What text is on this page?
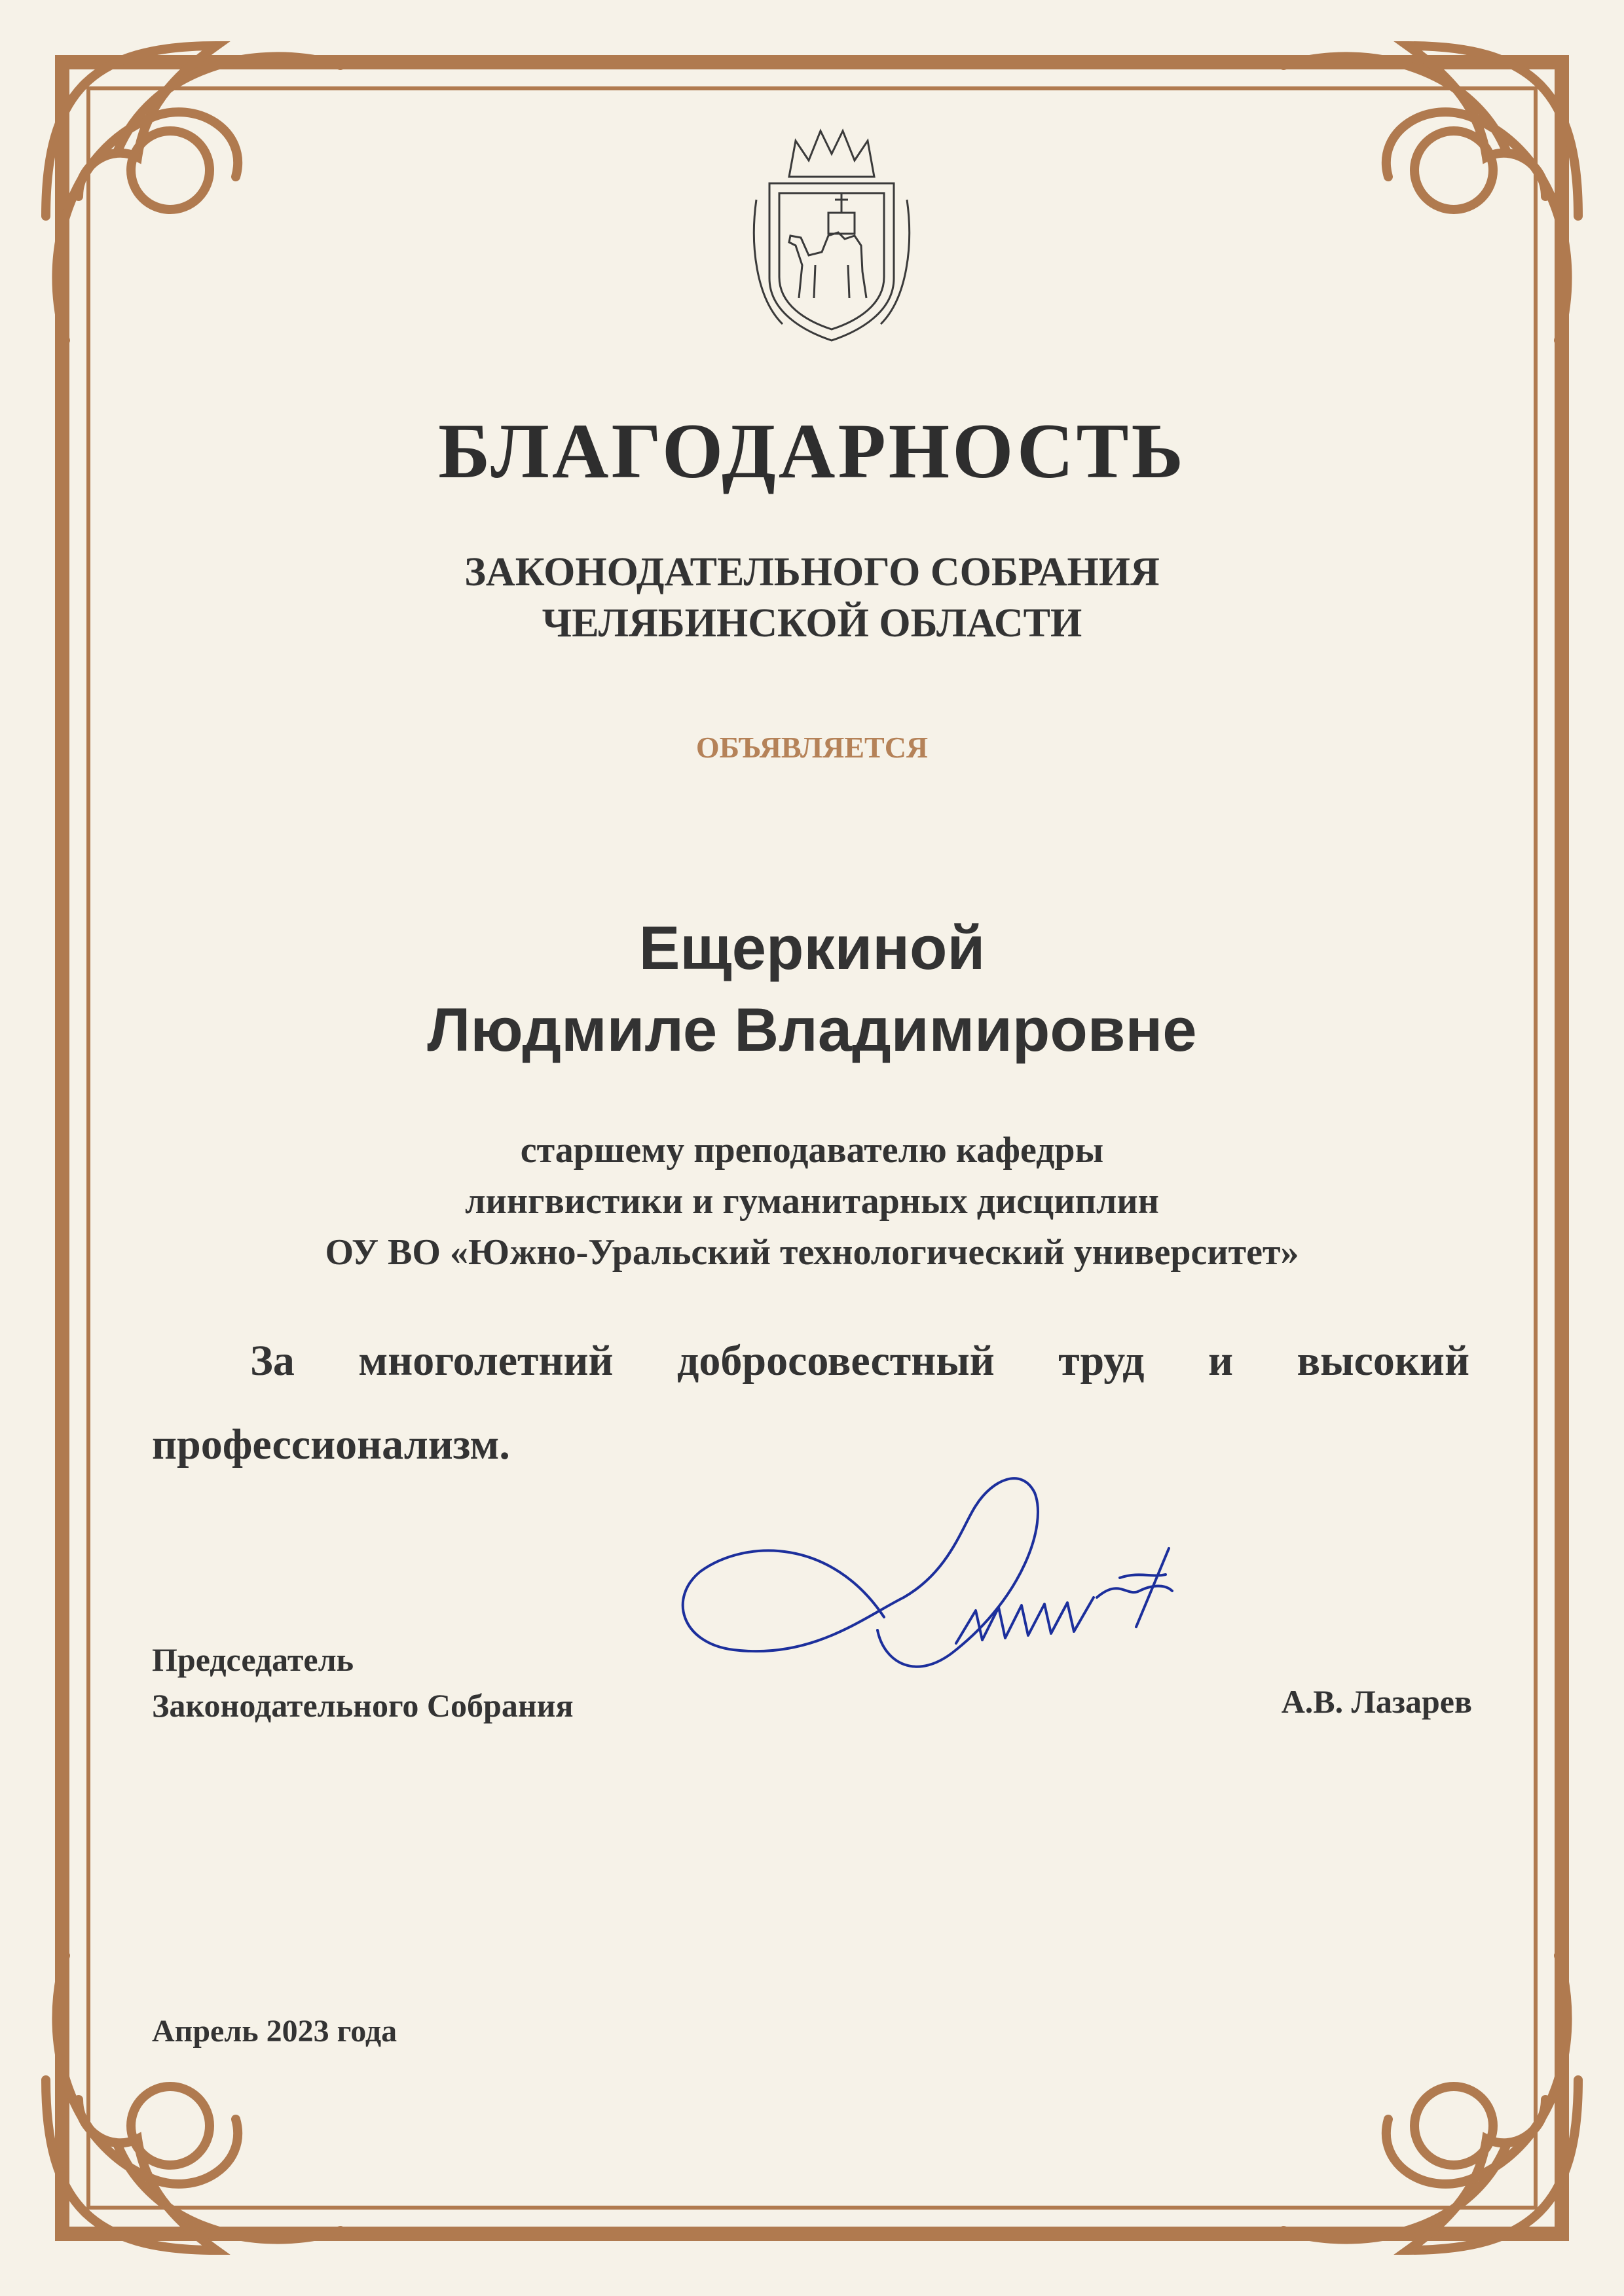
БЛАГОДАРНОСТЬ
ЗАКОНОДАТЕЛЬНОГО СОБРАНИЯ
ЧЕЛЯБИНСКОЙ ОБЛАСТИ
ОБЪЯВЛЯЕТСЯ
Ещеркиной
Людмиле Владимировне
старшему преподавателю кафедры
лингвистики и гуманитарных дисциплин
ОУ ВО «Южно-Уральский технологический университет»

За многолетний добросовестный труд и высокий профессионализм.

Председатель
Законодательного Собрания	А.В. Лазарев
Апрель 2023 года
